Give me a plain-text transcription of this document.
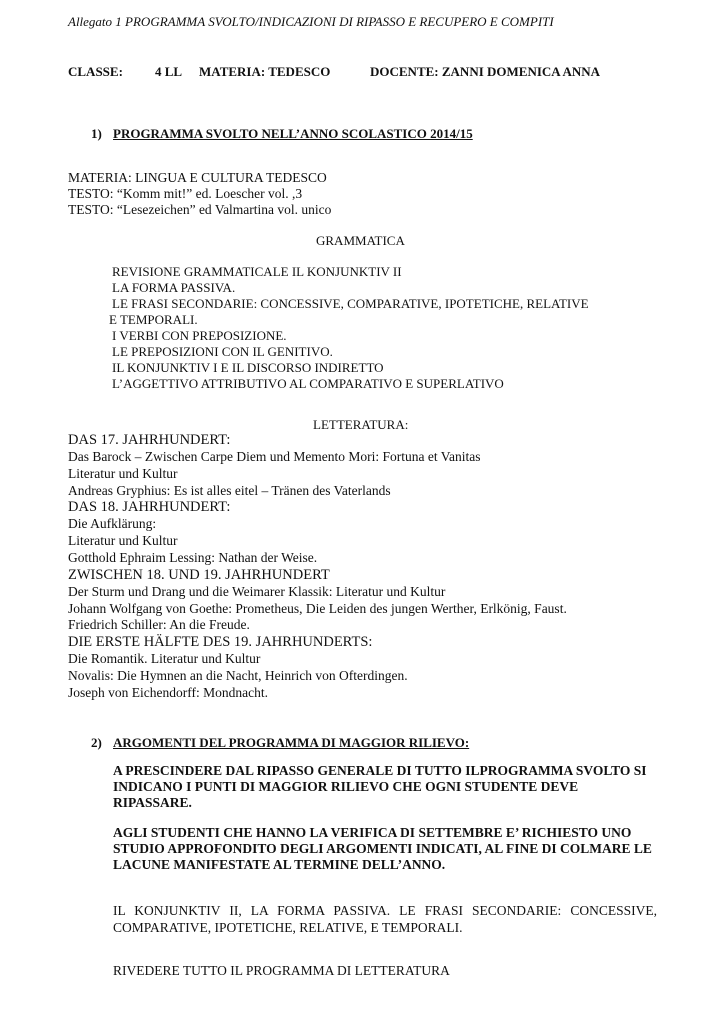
Allegato 1 PROGRAMMA SVOLTO/INDICAZIONI DI RIPASSO E RECUPERO E COMPITI

CLASSE: 4 LL MATERIA: TEDESCO	DOCENTE: ZANNI DOMENICA ANNA

1) PROGRAMMA SVOLTO NELL’ANNO SCOLASTICO 2014/15

MATERIA: LINGUA E CULTURA TEDESCO
TESTO: “Komm mit!” ed. Loescher vol. ,3
TESTO: “Lesezeichen” ed Valmartina vol. unico

GRAMMATICA

REVISIONE GRAMMATICALE IL KONJUNKTIV II
LA FORMA PASSIVA.
LE FRASI SECONDARIE: CONCESSIVE, COMPARATIVE, IPOTETICHE, RELATIVE
E TEMPORALI.
I VERBI CON PREPOSIZIONE.
LE PREPOSIZIONI CON IL GENITIVO.
IL KONJUNKTIV I E IL DISCORSO INDIRETTO
L’AGGETTIVO ATTRIBUTIVO AL COMPARATIVO E SUPERLATIVO

LETTERATURA:

DAS 17. JAHRHUNDERT:
Das Barock – Zwischen Carpe Diem und Memento Mori: Fortuna et Vanitas
Literatur und Kultur
Andreas Gryphius: Es ist alles eitel – Tränen des Vaterlands
DAS 18. JAHRHUNDERT:
Die Aufklärung:
Literatur und Kultur
Gotthold Ephraim Lessing: Nathan der Weise.
ZWISCHEN 18. UND 19. JAHRHUNDERT
Der Sturm und Drang und die Weimarer Klassik: Literatur und Kultur
Johann Wolfgang von Goethe: Prometheus, Die Leiden des jungen Werther, Erlkönig, Faust.
Friedrich Schiller: An die Freude.
DIE ERSTE HÄLFTE DES 19. JAHRHUNDERTS:
Die Romantik. Literatur und Kultur
Novalis: Die Hymnen an die Nacht, Heinrich von Ofterdingen.
Joseph von Eichendorff: Mondnacht.

2) ARGOMENTI DEL PROGRAMMA DI MAGGIOR RILIEVO:

A PRESCINDERE DAL RIPASSO GENERALE DI TUTTO ILPROGRAMMA SVOLTO SI
INDICANO I PUNTI DI MAGGIOR RILIEVO CHE OGNI STUDENTE DEVE
RIPASSARE.
AGLI STUDENTI CHE HANNO LA VERIFICA DI SETTEMBRE E’ RICHIESTO UNO
STUDIO APPROFONDITO DEGLI ARGOMENTI INDICATI, AL FINE DI COLMARE LE
LACUNE MANIFESTATE AL TERMINE DELL’ANNO.

IL KONJUNKTIV II, LA FORMA PASSIVA. LE FRASI SECONDARIE: CONCESSIVE, COMPARATIVE, IPOTETICHE, RELATIVE, E TEMPORALI.

RIVEDERE TUTTO IL PROGRAMMA DI LETTERATURA
